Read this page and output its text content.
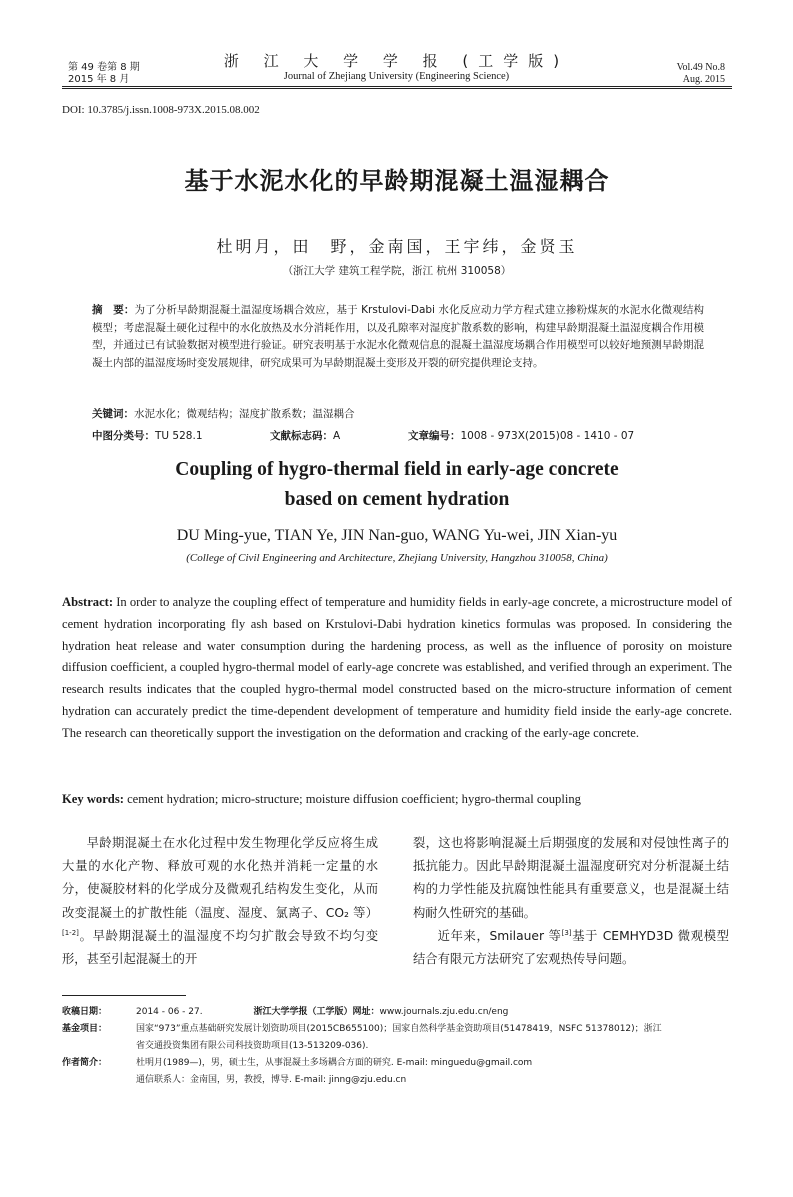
第 49 卷第 8 期
2015 年 8 月
浙 江 大 学 学 报 (工学版)
Journal of Zhejiang University (Engineering Science)
Vol.49 No.8
Aug. 2015
DOI: 10.3785/j.issn.1008-973X.2015.08.002
基于水泥水化的早龄期混凝土温湿耦合
杜明月，田　野，金南国，王宇纬，金贤玉
（浙江大学 建筑工程学院，浙江 杭州 310058）
摘　要：为了分析早龄期混凝土温湿度场耦合效应，基于 Krstulovi-Dabi 水化反应动力学方程式建立掺粉煤灰的水泥水化微观结构模型；考虑混凝土硬化过程中的水化放热及水分消耗作用，以及孔隙率对湿度扩散系数的影响，构建早龄期混凝土温湿度耦合作用模型，并通过已有试验数据对模型进行验证。研究表明基于水泥水化微观信息的混凝土温湿度场耦合作用模型可以较好地预测早龄期混凝土内部的温湿度场时变发展规律，研究成果可为早龄期混凝土变形及开裂的研究提供理论支持。
关键词：水泥水化；微观结构；湿度扩散系数；温湿耦合
中图分类号：TU 528.1	文献标志码：A	文章编号：1008 - 973X(2015)08 - 1410 - 07
Coupling of hygro-thermal field in early-age concrete
based on cement hydration
DU Ming-yue, TIAN Ye, JIN Nan-guo, WANG Yu-wei, JIN Xian-yu
(College of Civil Engineering and Architecture, Zhejiang University, Hangzhou 310058, China)
Abstract: In order to analyze the coupling effect of temperature and humidity fields in early-age concrete, a microstructure model of cement hydration incorporating fly ash based on Krstulovi-Dabi hydration kinetics formulas was proposed. In considering the hydration heat release and water consumption during the hardening process, as well as the influence of porosity on moisture diffusion coefficient, a coupled hygro-thermal model of early-age concrete was established, and verified through an experiment. The research results indicates that the coupled hygro-thermal model constructed based on the micro-structure information of cement hydration can accurately predict the time-dependent development of temperature and humidity field inside the early-age concrete. The research can theoretically support the investigation on the deformation and cracking of the early-age concrete.
Key words: cement hydration; micro-structure; moisture diffusion coefficient; hygro-thermal coupling

早龄期混凝土在水化过程中发生物理化学反应将生成大量的水化产物、释放可观的水化热并消耗一定量的水分，使凝胶材料的化学成分及微观孔结构发生变化，从而改变混凝土的扩散性能（温度、湿度、氯离子、CO₂ 等）[1-2]。早龄期混凝土的温湿度不均匀扩散会导致不均匀变形，甚至引起混凝土的开

裂，这也将影响混凝土后期强度的发展和对侵蚀性离子的抵抗能力。因此早龄期混凝土温湿度研究对分析混凝土结构的力学性能及抗腐蚀性能具有重要意义，也是混凝土结构耐久性研究的基础。

近年来，Smilauer 等[3]基于 CEMHYD3D 微观模型结合有限元方法研究了宏观热传导问题。

收稿日期：	2014 - 06 - 27.	浙江大学学报（工学版）网址：www.journals.zju.edu.cn/eng
基金项目：	国家“973”重点基础研究发展计划资助项目(2015CB655100)；国家自然科学基金资助项目(51478419，NSFC 51378012)；浙江
省交通投资集团有限公司科技资助项目(13-513209-036).
作者简介：	杜明月(1989—)，男，硕士生，从事混凝土多场耦合方面的研究. E-mail: minguedu@gmail.com
通信联系人：金南国，男，教授，博导. E-mail: jinng@zju.edu.cn
